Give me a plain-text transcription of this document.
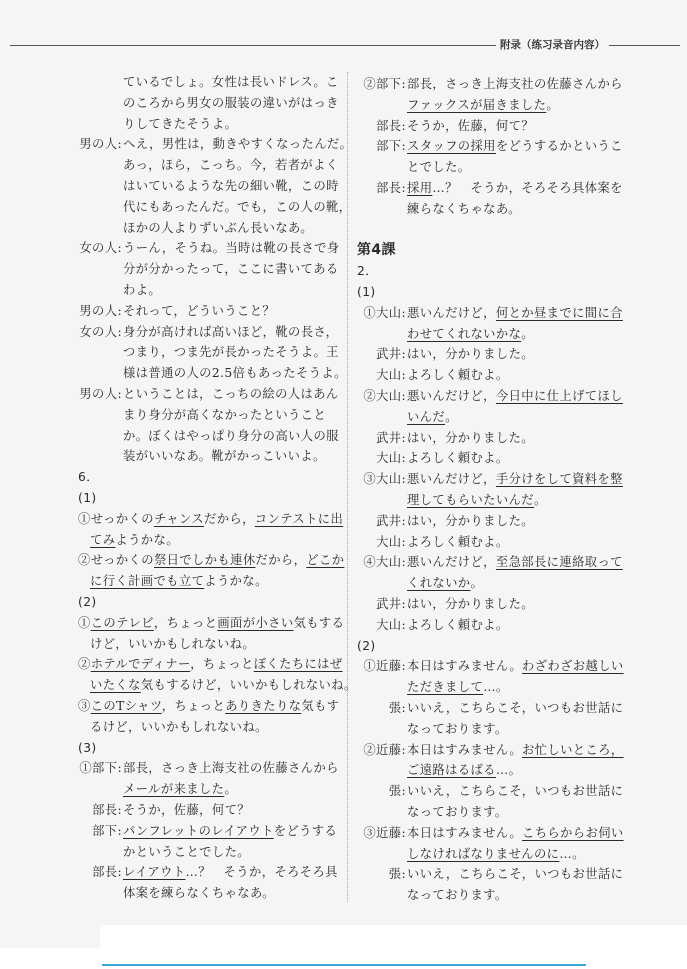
附录（练习录音内容）
ているでしょ。女性は長いドレス。こ
のころから男女の服装の違いがはっき
りしてきたそうよ。
男の人: へえ，男性は，動きやすくなったんだ。
あっ，ほら，こっち。今，若者がよく
はいているような先の細い靴，この時
代にもあったんだ。でも，この人の靴，
ほかの人よりずいぶん長いなあ。
女の人: うーん，そうね。当時は靴の長さで身
分が分かったって，ここに書いてある
わよ。
男の人: それって，どういうこと？
女の人: 身分が高ければ高いほど，靴の長さ，
つまり，つま先が長かったそうよ。王
様は普通の人の2.5倍もあったそうよ。
男の人: ということは，こっちの絵の人はあん
まり身分が高くなかったということ
か。ぼくはやっぱり身分の高い人の服
装がいいなあ。靴がかっこいいよ。
6．
(1)
①せっかくのチャンスだから，コンテストに出
てみようかな。
②せっかくの祭日でしかも連休だから，どこか
に行く計画でも立てようかな。
(2)
①このテレビ，ちょっと画面が小さい気もする
けど，いいかもしれないね。
②ホテルでディナー，ちょっとぼくたちにはぜ
いたくな気もするけど，いいかもしれないね。
③このTシャツ，ちょっとありきたりな気もす
るけど，いいかもしれないね。
(3)
①部下: 部長，さっき上海支社の佐藤さんから
メールが来ました。
部長: そうか，佐藤，何て？
部下: パンフレットのレイアウトをどうする
かということでした。
部長: レイアウト…？　そうか，そろそろ具
体案を練らなくちゃなあ。
②部下: 部長，さっき上海支社の佐藤さんから
ファックスが届きました。
部長: そうか，佐藤，何て？
部下: スタッフの採用をどうするかというこ
とでした。
部長: 採用…？　そうか，そろそろ具体案を
練らなくちゃなあ。
第4課
2．
(1)
①大山: 悪いんだけど，何とか昼までに間に合
わせてくれないかな。
武井: はい，分かりました。
大山: よろしく頼むよ。
②大山: 悪いんだけど，今日中に仕上げてほし
いんだ。
武井: はい，分かりました。
大山: よろしく頼むよ。
③大山: 悪いんだけど，手分けをして資料を整
理してもらいたいんだ。
武井: はい，分かりました。
大山: よろしく頼むよ。
④大山: 悪いんだけど，至急部長に連絡取って
くれないか。
武井: はい，分かりました。
大山: よろしく頼むよ。
(2)
①近藤: 本日はすみません。わざわざお越しい
ただきまして…。
張: いいえ，こちらこそ，いつもお世話に
なっております。
②近藤: 本日はすみません。お忙しいところ，
ご遠路はるばる…。
張: いいえ，こちらこそ，いつもお世話に
なっております。
③近藤: 本日はすみません。こちらからお伺い
しなければなりませんのに…。
張: いいえ，こちらこそ，いつもお世話に
なっております。
